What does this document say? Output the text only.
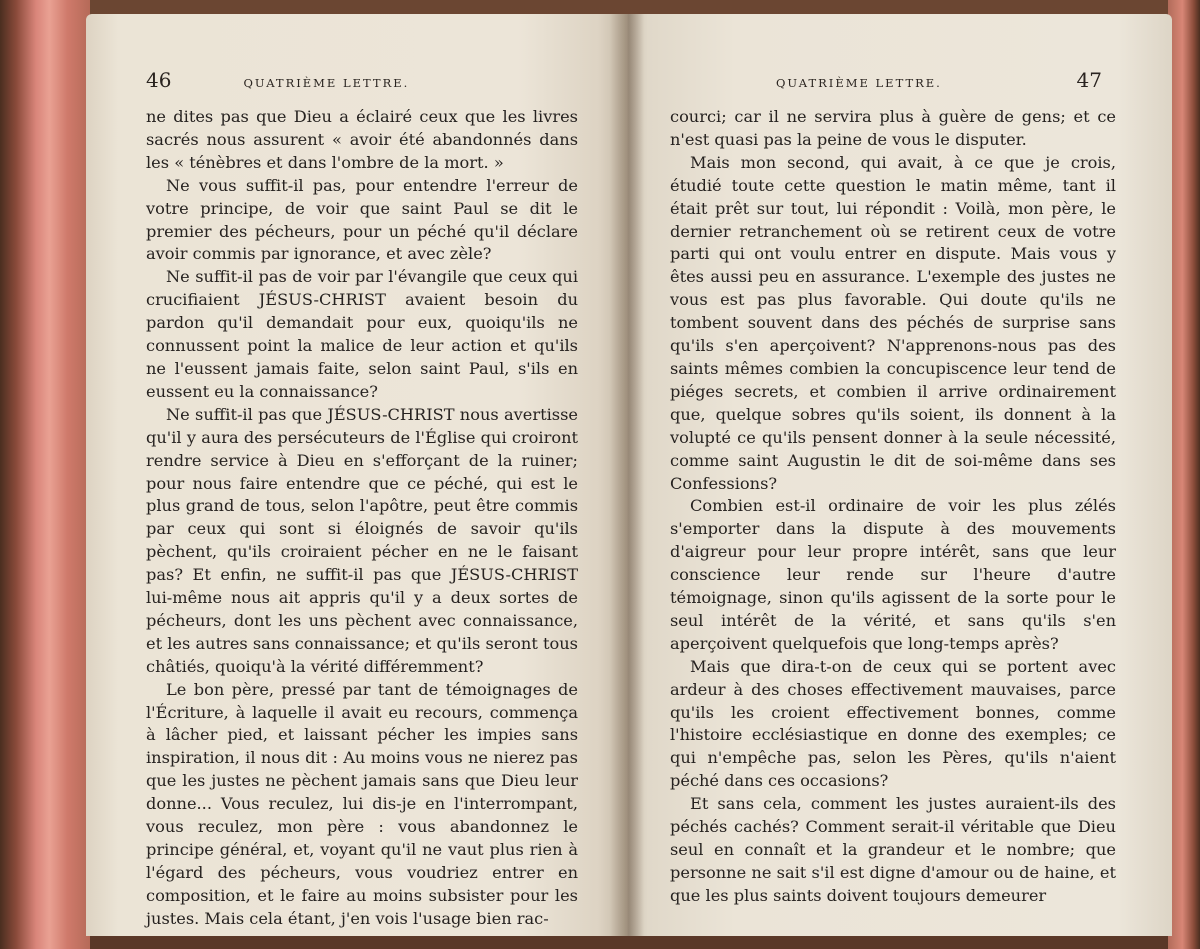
46	QUATRIÈME LETTRE.

ne dites pas que Dieu a éclairé ceux que les livres sacrés nous assurent « avoir été abandonnés dans les « ténèbres et dans l'ombre de la mort. »

Ne vous suffit-il pas, pour entendre l'erreur de votre principe, de voir que saint Paul se dit le premier des pécheurs, pour un péché qu'il déclare avoir commis par ignorance, et avec zèle?

Ne suffit-il pas de voir par l'évangile que ceux qui crucifiaient JÉSUS-CHRIST avaient besoin du pardon qu'il demandait pour eux, quoiqu'ils ne connussent point la malice de leur action et qu'ils ne l'eussent jamais faite, selon saint Paul, s'ils en eussent eu la connaissance?

Ne suffit-il pas que JÉSUS-CHRIST nous avertisse qu'il y aura des persécuteurs de l'Église qui croiront rendre service à Dieu en s'efforçant de la ruiner; pour nous faire entendre que ce péché, qui est le plus grand de tous, selon l'apôtre, peut être commis par ceux qui sont si éloignés de savoir qu'ils pèchent, qu'ils croiraient pécher en ne le faisant pas? Et enfin, ne suffit-il pas que JÉSUS-CHRIST lui-même nous ait appris qu'il y a deux sortes de pécheurs, dont les uns pèchent avec connaissance, et les autres sans connaissance; et qu'ils seront tous châtiés, quoiqu'à la vérité différemment?

Le bon père, pressé par tant de témoignages de l'Écriture, à laquelle il avait eu recours, commença à lâcher pied, et laissant pécher les impies sans inspiration, il nous dit : Au moins vous ne nierez pas que les justes ne pèchent jamais sans que Dieu leur donne... Vous reculez, lui dis-je en l'interrompant, vous reculez, mon père : vous abandonnez le principe général, et, voyant qu'il ne vaut plus rien à l'égard des pécheurs, vous voudriez entrer en composition, et le faire au moins subsister pour les justes. Mais cela étant, j'en vois l'usage bien rac-

QUATRIÈME LETTRE.	47

courci; car il ne servira plus à guère de gens; et ce n'est quasi pas la peine de vous le disputer.

Mais mon second, qui avait, à ce que je crois, étudié toute cette question le matin même, tant il était prêt sur tout, lui répondit : Voilà, mon père, le dernier retranchement où se retirent ceux de votre parti qui ont voulu entrer en dispute. Mais vous y êtes aussi peu en assurance. L'exemple des justes ne vous est pas plus favorable. Qui doute qu'ils ne tombent souvent dans des péchés de surprise sans qu'ils s'en aperçoivent? N'apprenons-nous pas des saints mêmes combien la concupiscence leur tend de piéges secrets, et combien il arrive ordinairement que, quelque sobres qu'ils soient, ils donnent à la volupté ce qu'ils pensent donner à la seule nécessité, comme saint Augustin le dit de soi-même dans ses Confessions?

Combien est-il ordinaire de voir les plus zélés s'emporter dans la dispute à des mouvements d'aigreur pour leur propre intérêt, sans que leur conscience leur rende sur l'heure d'autre témoignage, sinon qu'ils agissent de la sorte pour le seul intérêt de la vérité, et sans qu'ils s'en aperçoivent quelquefois que long-temps après?

Mais que dira-t-on de ceux qui se portent avec ardeur à des choses effectivement mauvaises, parce qu'ils les croient effectivement bonnes, comme l'histoire ecclésiastique en donne des exemples; ce qui n'empêche pas, selon les Pères, qu'ils n'aient péché dans ces occasions?

Et sans cela, comment les justes auraient-ils des péchés cachés? Comment serait-il véritable que Dieu seul en connaît et la grandeur et le nombre; que personne ne sait s'il est digne d'amour ou de haine, et que les plus saints doivent toujours demeurer
